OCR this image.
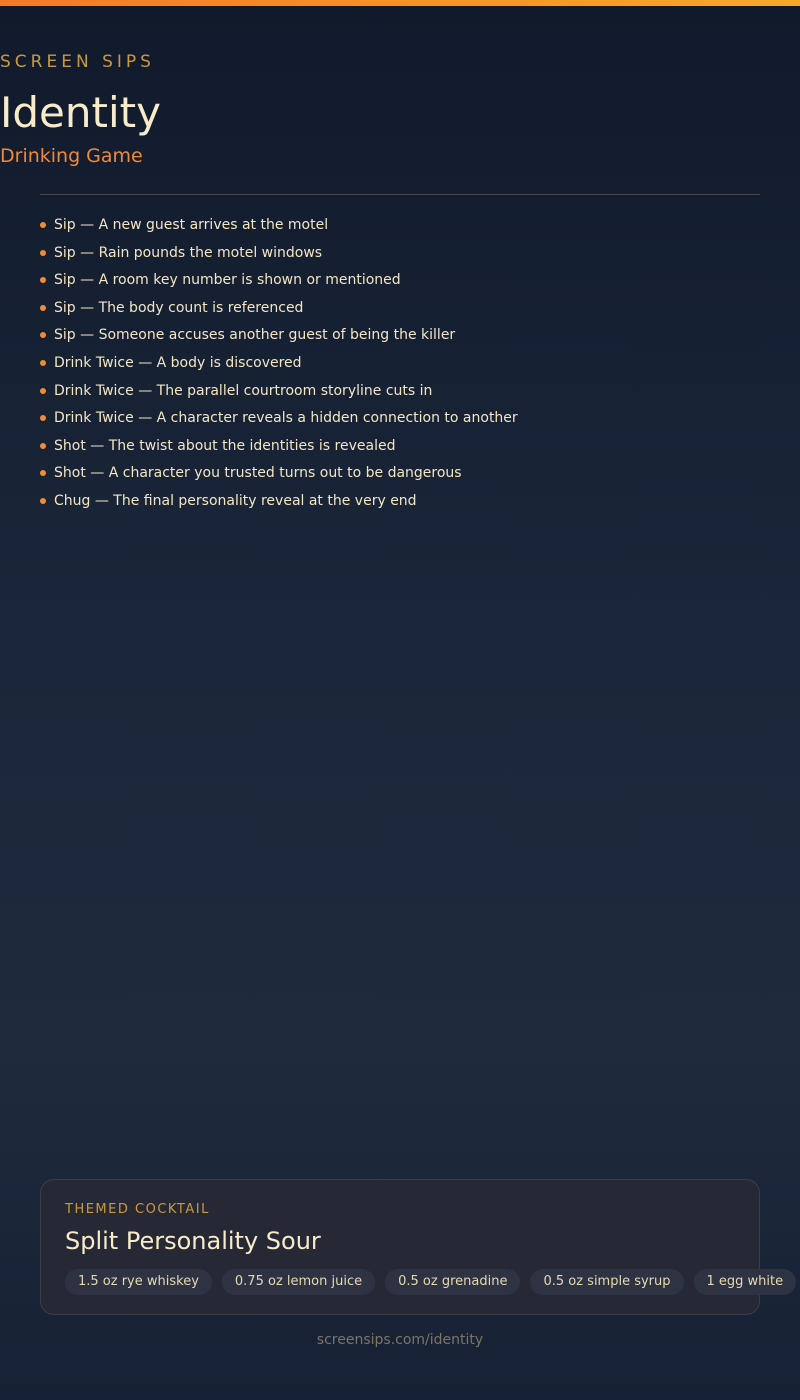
SCREEN SIPS
Identity
Drinking Game
Sip — A new guest arrives at the motel
Sip — Rain pounds the motel windows
Sip — A room key number is shown or mentioned
Sip — The body count is referenced
Sip — Someone accuses another guest of being the killer
Drink Twice — A body is discovered
Drink Twice — The parallel courtroom storyline cuts in
Drink Twice — A character reveals a hidden connection to another
Shot — The twist about the identities is revealed
Shot — A character you trusted turns out to be dangerous
Chug — The final personality reveal at the very end
THEMED COCKTAIL
Split Personality Sour
1.5 oz rye whiskey	0.75 oz lemon juice	0.5 oz grenadine	0.5 oz simple syrup	1 egg white
screensips.com/identity
